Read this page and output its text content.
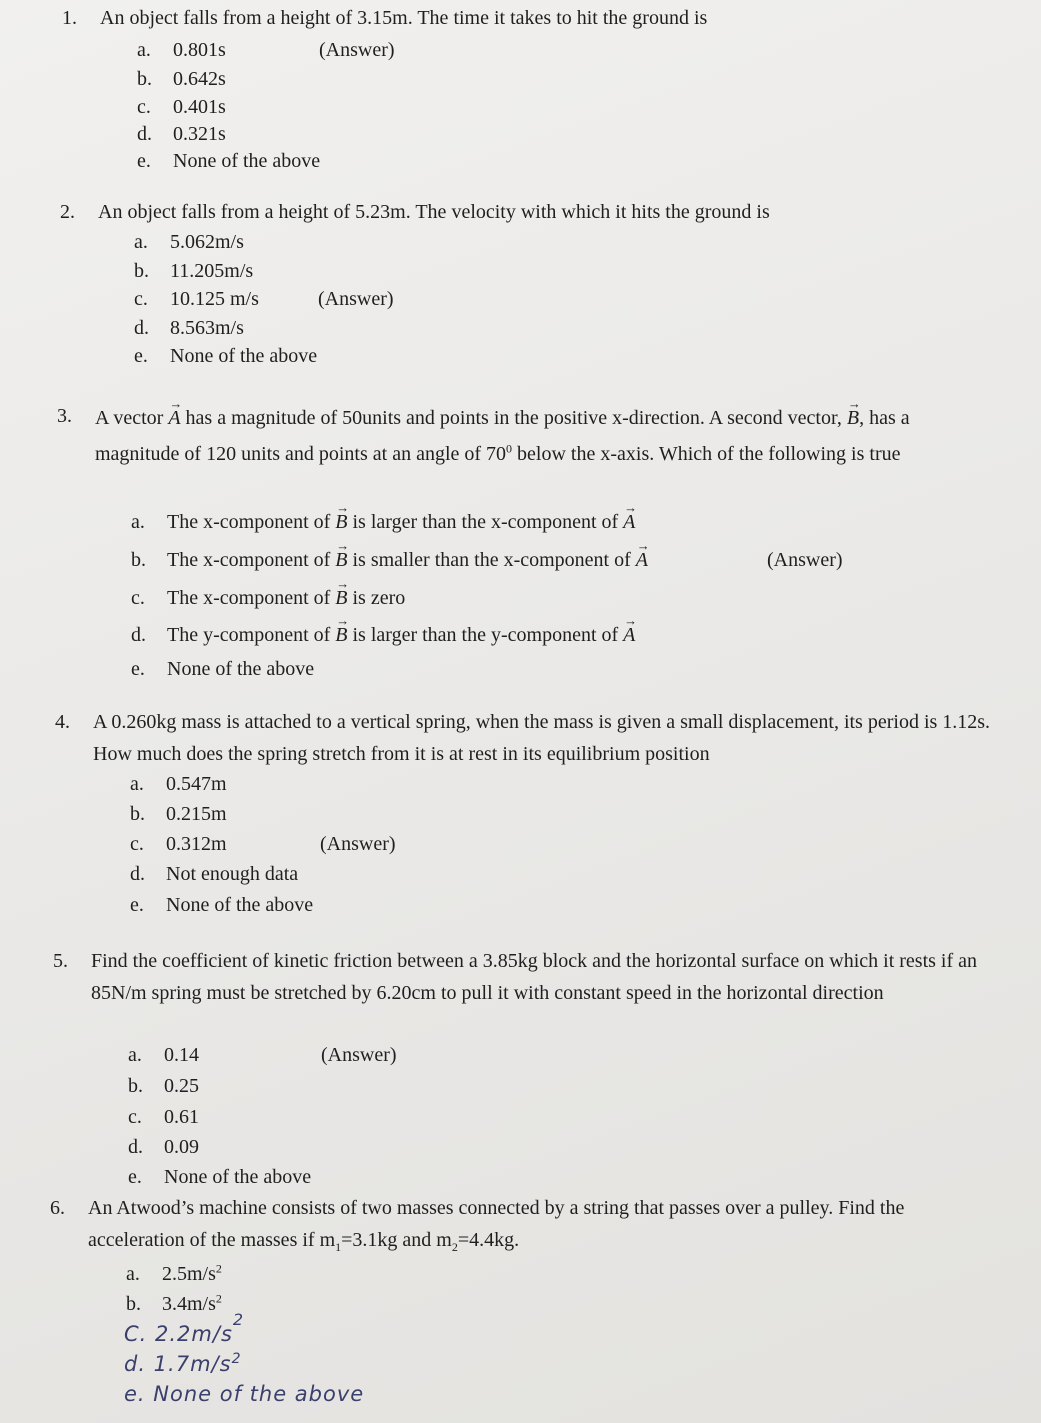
1. An object falls from a height of 3.15m. The time it takes to hit the ground is
a. 0.801s	(Answer)
b. 0.642s
c. 0.401s
d. 0.321s
e. None of the above
2. An object falls from a height of 5.23m. The velocity with which it hits the ground is
a. 5.062m/s
b. 11.205m/s
c. 10.125 m/s	(Answer)
d. 8.563m/s
e. None of the above
3. A vector → A has a magnitude of 50units and points in the positive x-direction. A second vector, → B, has a magnitude of 120 units and points at an angle of $70^0$ below the x-axis. Which of the following is true
a. The x-component of → B is larger than the x-component of → A
b. The x-component of → B is smaller than the x-component of → A	(Answer)
c. The x-component of → B is zero
d. The y-component of → B is larger than the y-component of → A
e. None of the above
4. A 0.260kg mass is attached to a vertical spring, when the mass is given a small displacement, its period is 1.12s. How much does the spring stretch from it is at rest in its equilibrium position
a. 0.547m
b. 0.215m
c. 0.312m	(Answer)
d. Not enough data
e. None of the above
5. Find the coefficient of kinetic friction between a 3.85kg block and the horizontal surface on which it rests if an 85N/m spring must be stretched by 6.20cm to pull it with constant speed in the horizontal direction
a. 0.14	(Answer)
b. 0.25
c. 0.61
d. 0.09
e. None of the above
6. An Atwood’s machine consists of two masses connected by a string that passes over a pulley. Find the acceleration of the masses if $m_1=3.1kg$ and $m_2=4.4kg$.
a. $2.5m/s^2$
b. $3.4m/s^2$
C. $2.2m/s^2$
d. $1.7m/s^2$
e. None of the above
